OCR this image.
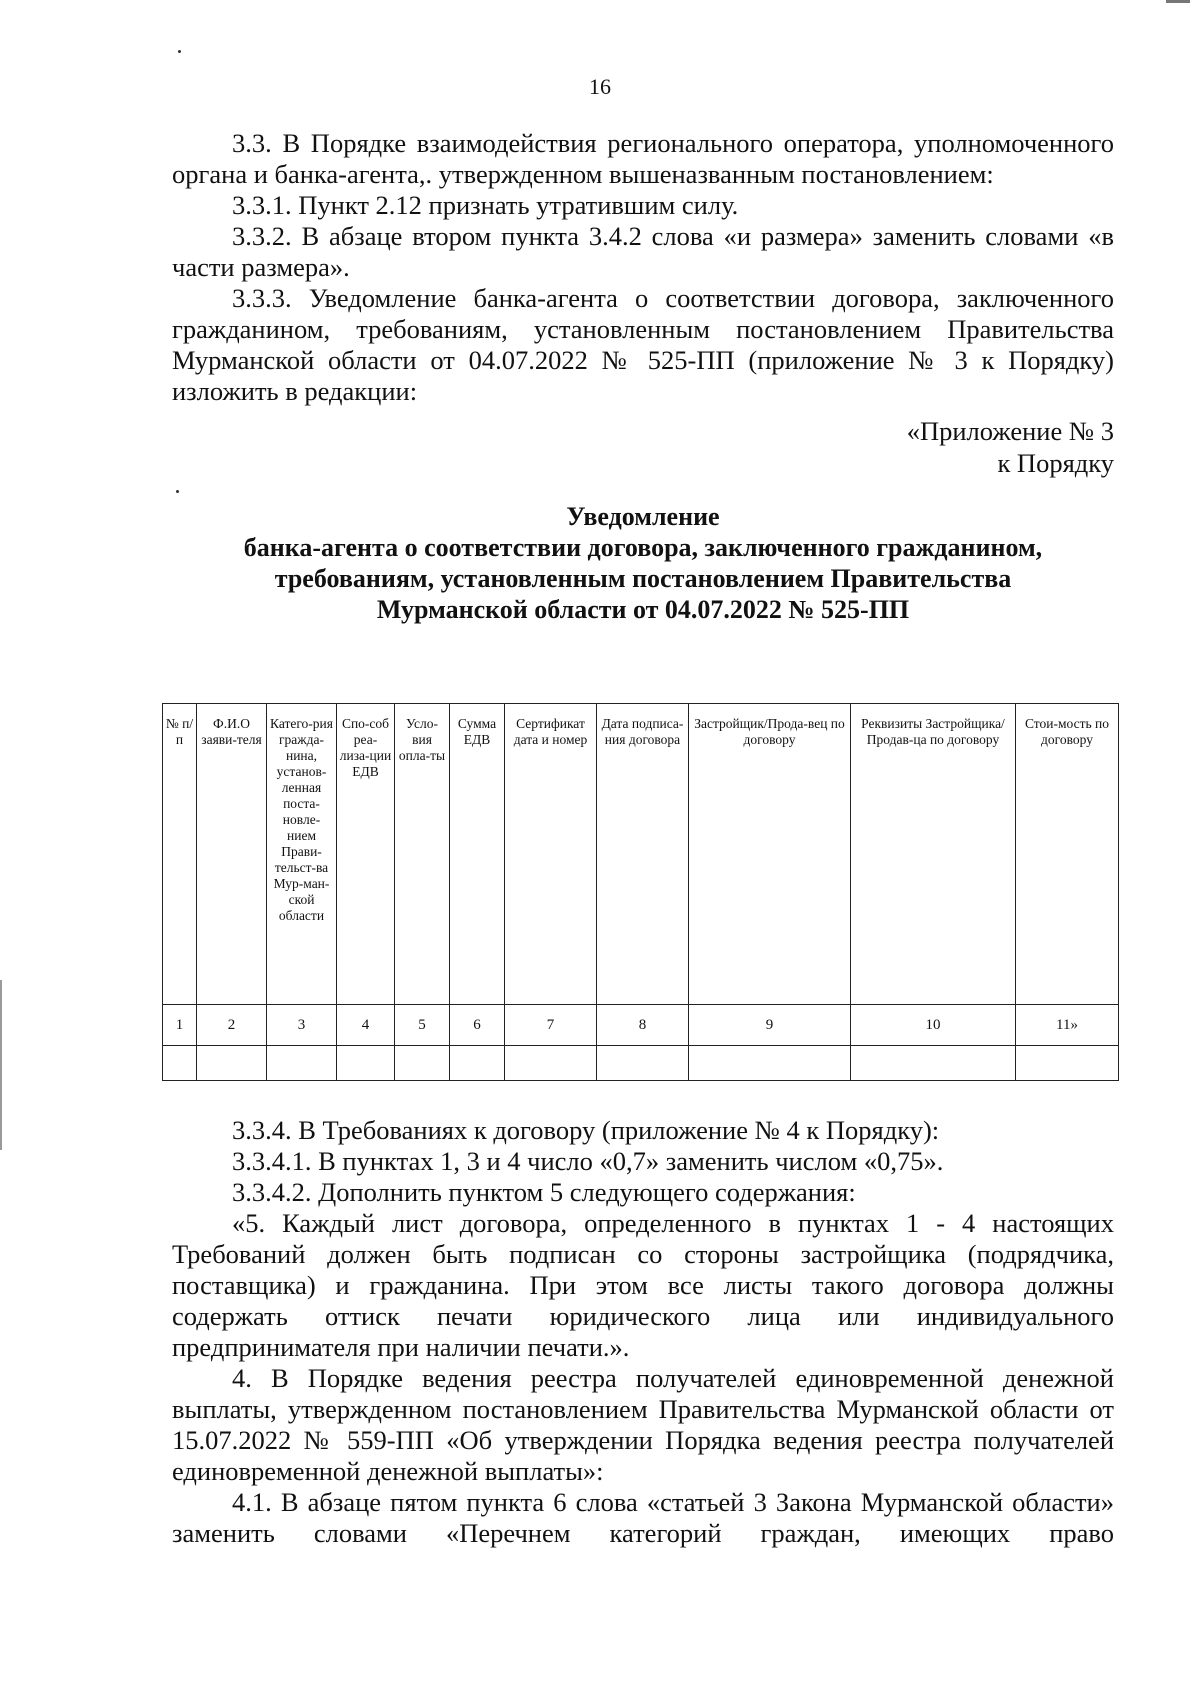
16

3.3. В Порядке взаимодействия регионального оператора, уполномоченного органа и банка-агента,. утвержденном вышеназванным постановлением:

3.3.1. Пункт 2.12 признать утратившим силу.

3.3.2. В абзаце втором пункта 3.4.2 слова «и размера» заменить словами «в части размера».

3.3.3. Уведомление банка-агента о соответствии договора, заключенного гражданином, требованиям, установленным постановлением Правительства Мурманской области от 04.07.2022 № 525-ПП (приложение № 3 к Порядку) изложить в редакции:

«Приложение № 3

к Порядку

Уведомление

банка-агента о соответствии договора, заключенного гражданином,

требованиям, установленным постановлением Правительства

Мурманской области от 04.07.2022 № 525-ПП

№ п/п	Ф.И.О заяви-теля	Катего-рия гражда-нина, установ-ленная поста-новле-нием Прави-тельст-ва Мур-ман-ской области	Спо-соб реа-лиза-ции ЕДВ	Усло-вия опла-ты	Сумма ЕДВ	Сертификат дата и номер	Дата подписа-ния договора	Застройщик/Прода-вец по договору	Реквизиты Застройщика/Продав-ца по договору	Стои-мость по договору
1	2	3	4	5	6	7	8	9	10	11»

3.3.4. В Требованиях к договору (приложение № 4 к Порядку):

3.3.4.1. В пунктах 1, 3 и 4 число «0,7» заменить числом «0,75».

3.3.4.2. Дополнить пунктом 5 следующего содержания:

«5. Каждый лист договора, определенного в пунктах 1 - 4 настоящих Требований должен быть подписан со стороны застройщика (подрядчика, поставщика) и гражданина. При этом все листы такого договора должны содержать оттиск печати юридического лица или индивидуального предпринимателя при наличии печати.».

4. В Порядке ведения реестра получателей единовременной денежной выплаты, утвержденном постановлением Правительства Мурманской области от 15.07.2022 № 559-ПП «Об утверждении Порядка ведения реестра получателей единовременной денежной выплаты»:

4.1. В абзаце пятом пункта 6 слова «статьей 3 Закона Мурманской области» заменить словами «Перечнем категорий граждан, имеющих право
